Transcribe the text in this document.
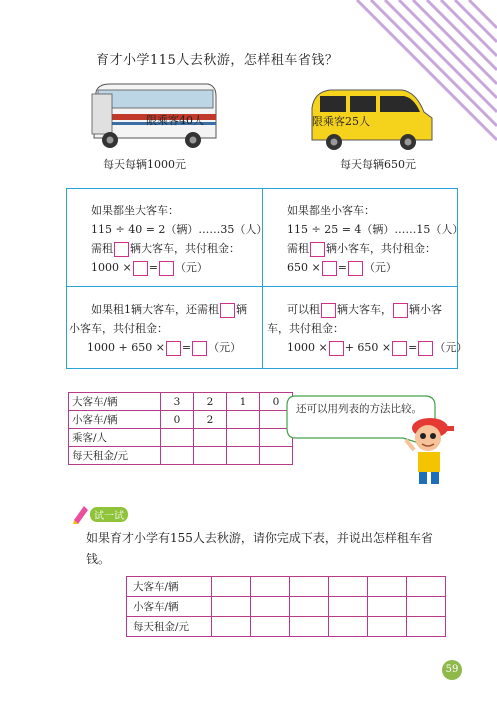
育才小学115人去秋游，怎样租车省钱？
限乘客40人
每天每辆1000元
限乘客25人
每天每辆650元
如果都坐大客车：
115 ÷ 40 = 2（辆）……35（人）
需租 辆大客车，共付租金：
1000 × = （元）
如果都坐小客车：
115 ÷ 25 = 4（辆）……15（人）
需租 辆小客车，共付租金：
650 × = （元）
如果租1辆大客车，还需租 辆
小客车，共付租金：
1000 + 650 × = （元）
可以租 辆大客车， 辆小客
车，共付租金：
1000 × + 650 × = （元）
大客车/辆	3	2	1	0
小客车/辆	0	2		
乘客/人				
每天租金/元				
还可以用列表的方法比较。
试一试
如果育才小学有155人去秋游，请你完成下表，并说出怎样租车省钱。
大客车/辆						
小客车/辆						
每天租金/元						
59
